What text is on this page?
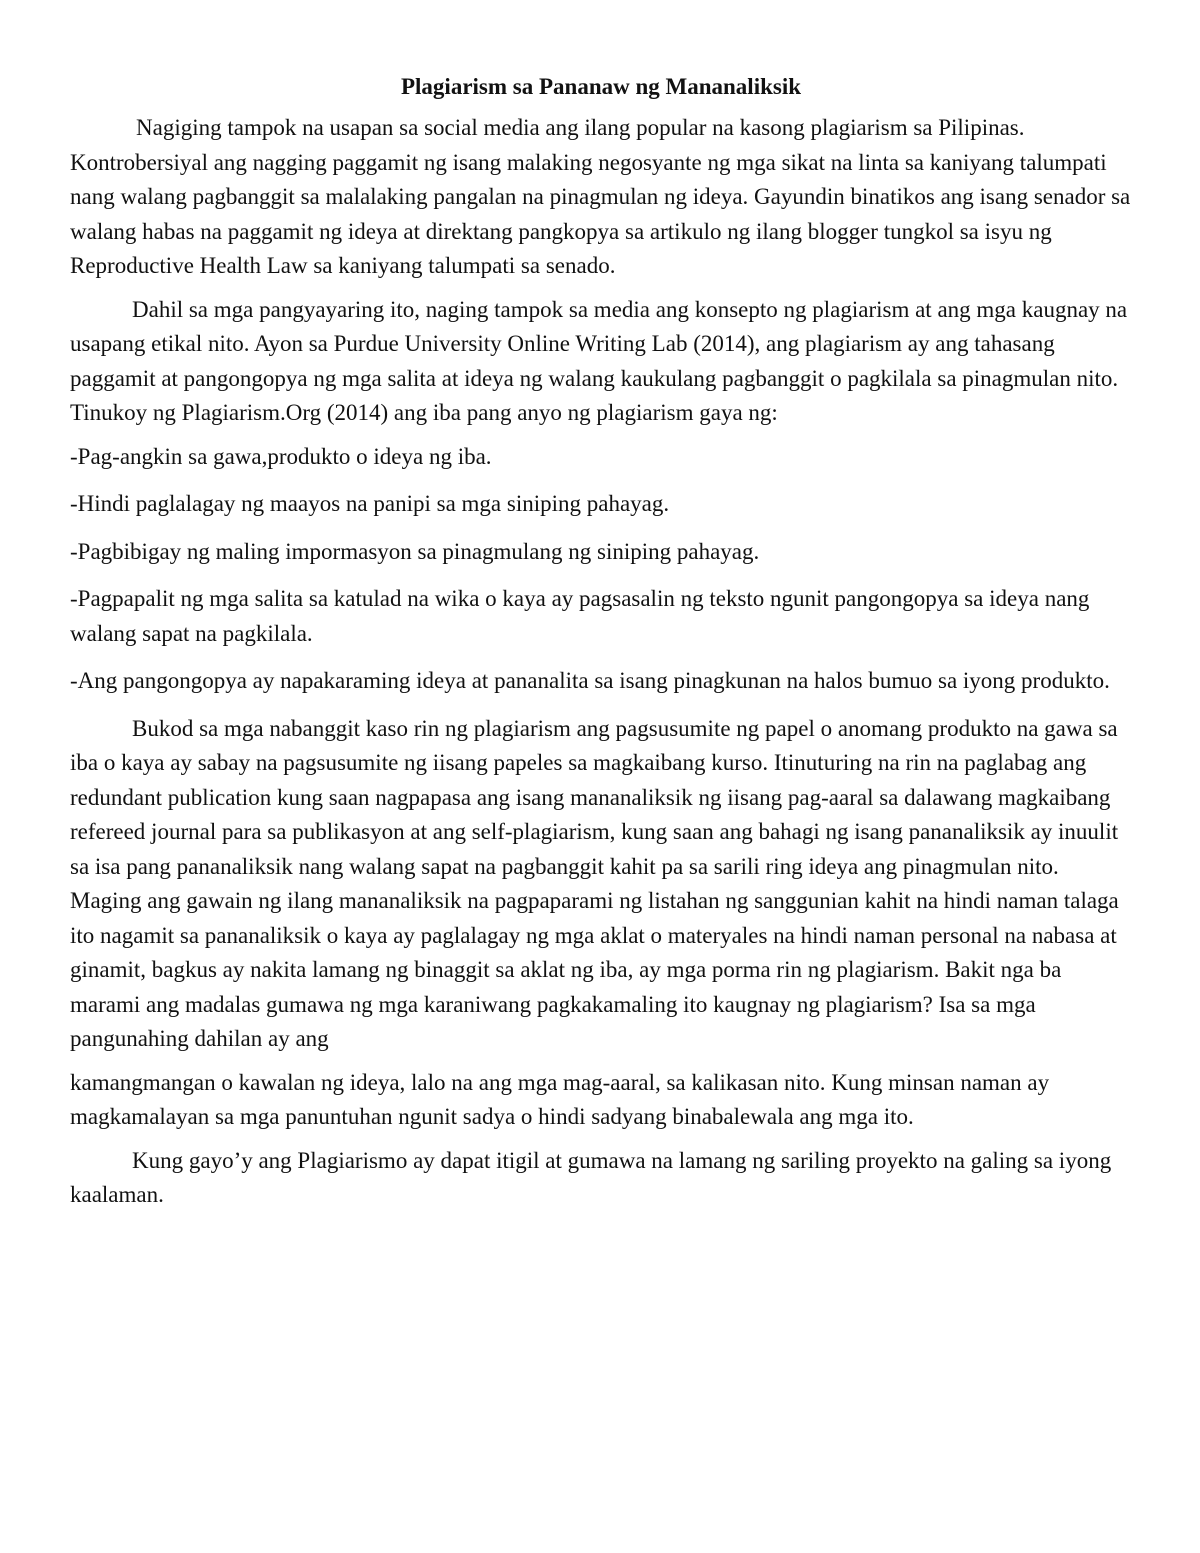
Plagiarism sa Pananaw ng Mananaliksik

Nagiging tampok na usapan sa social media ang ilang popular na kasong plagiarism sa Pilipinas. Kontrobersiyal ang nagging paggamit ng isang malaking negosyante ng mga sikat na linta sa kaniyang talumpati nang walang pagbanggit sa malalaking pangalan na pinagmulan ng ideya. Gayundin binatikos ang isang senador sa walang habas na paggamit ng ideya at direktang pangkopya sa artikulo ng ilang blogger tungkol sa isyu ng Reproductive Health Law sa kaniyang talumpati sa senado.

Dahil sa mga pangyayaring ito, naging tampok sa media ang konsepto ng plagiarism at ang mga kaugnay na usapang etikal nito. Ayon sa Purdue University Online Writing Lab (2014), ang plagiarism ay ang tahasang paggamit at pangongopya ng mga salita at ideya ng walang kaukulang pagbanggit o pagkilala sa pinagmulan nito. Tinukoy ng Plagiarism.Org (2014) ang iba pang anyo ng plagiarism gaya ng:

-Pag-angkin sa gawa,produkto o ideya ng iba.

-Hindi paglalagay ng maayos na panipi sa mga siniping pahayag.

-Pagbibigay ng maling impormasyon sa pinagmulang ng siniping pahayag.

-Pagpapalit ng mga salita sa katulad na wika o kaya ay pagsasalin ng teksto ngunit pangongopya sa ideya nang walang sapat na pagkilala.

-Ang pangongopya ay napakaraming ideya at pananalita sa isang pinagkunan na halos bumuo sa iyong produkto.

Bukod sa mga nabanggit kaso rin ng plagiarism ang pagsusumite ng papel o anomang produkto na gawa sa iba o kaya ay sabay na pagsusumite ng iisang papeles sa magkaibang kurso. Itinuturing na rin na paglabag ang redundant publication kung saan nagpapasa ang isang mananaliksik ng iisang pag-aaral sa dalawang magkaibang refereed journal para sa publikasyon at ang self-plagiarism, kung saan ang bahagi ng isang pananaliksik ay inuulit sa isa pang pananaliksik nang walang sapat na pagbanggit kahit pa sa sarili ring ideya ang pinagmulan nito. Maging ang gawain ng ilang mananaliksik na pagpaparami ng listahan ng sanggunian kahit na hindi naman talaga ito nagamit sa pananaliksik o kaya ay paglalagay ng mga aklat o materyales na hindi naman personal na nabasa at ginamit, bagkus ay nakita lamang ng binaggit sa aklat ng iba, ay mga porma rin ng plagiarism. Bakit nga ba marami ang madalas gumawa ng mga karaniwang pagkakamaling ito kaugnay ng plagiarism? Isa sa mga pangunahing dahilan ay ang

kamangmangan o kawalan ng ideya, lalo na ang mga mag-aaral, sa kalikasan nito. Kung minsan naman ay magkamalayan sa mga panuntuhan ngunit sadya o hindi sadyang binabalewala ang mga ito.

Kung gayo’y ang Plagiarismo ay dapat itigil at gumawa na lamang ng sariling proyekto na galing sa iyong kaalaman.
